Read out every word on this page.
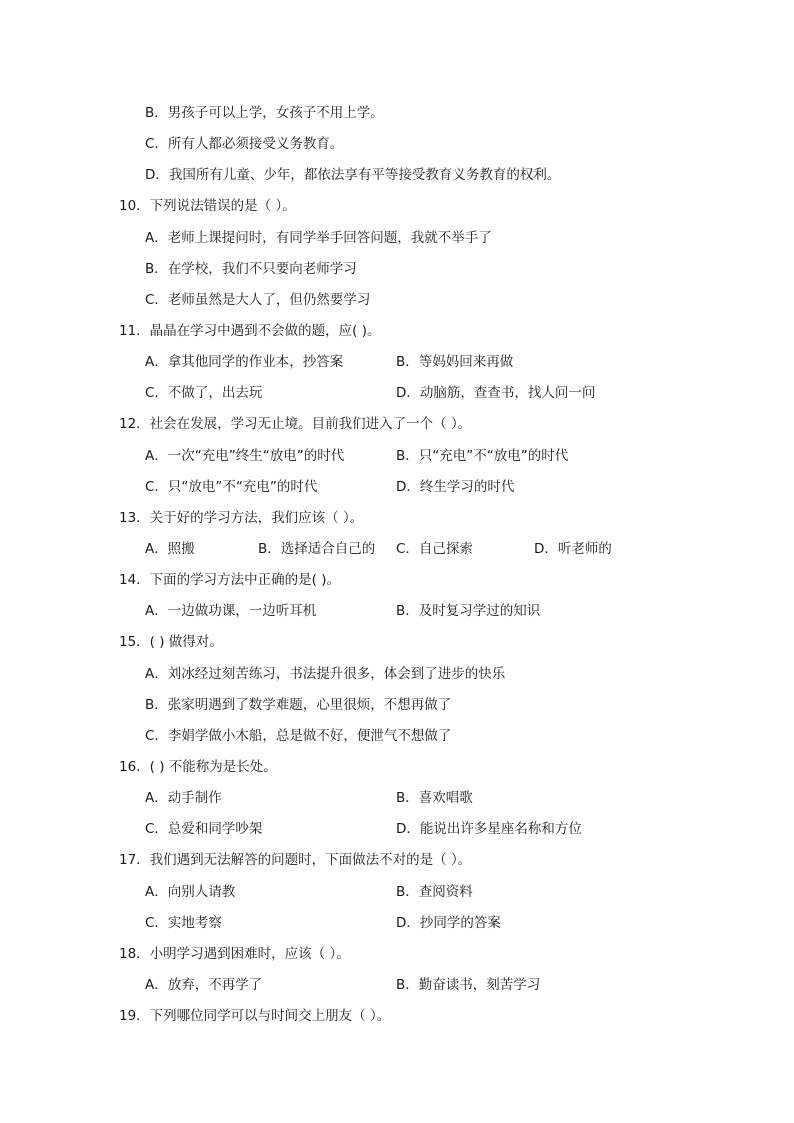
B．男孩子可以上学，女孩子不用上学。
C．所有人都必须接受义务教育。
D．我国所有儿童、少年，都依法享有平等接受教育义务教育的权利。
10．下列说法错误的是（ ）。
A．老师上课提问时，有同学举手回答问题，我就不举手了
B．在学校，我们不只要向老师学习
C．老师虽然是大人了，但仍然要学习
11．晶晶在学习中遇到不会做的题，应( )。
A．拿其他同学的作业本，抄答案	B．等妈妈回来再做
C．不做了，出去玩	D．动脑筋，查查书，找人问一问
12．社会在发展，学习无止境。目前我们进入了一个（ ）。
A．一次“充电”终生“放电”的时代	B．只“充电”不“放电”的时代
C．只“放电”不“充电”的时代	D．终生学习的时代
13．关于好的学习方法，我们应该（ ）。
A．照搬	B．选择适合自己的 C．自己探索	D．听老师的
14．下面的学习方法中正确的是( )。
A．一边做功课，一边听耳机	B．及时复习学过的知识
15．( ) 做得对。
A．刘冰经过刻苦练习，书法提升很多，体会到了进步的快乐
B．张家明遇到了数学难题，心里很烦，不想再做了
C．李娟学做小木船，总是做不好，便泄气不想做了
16．( ) 不能称为是长处。
A．动手制作	B．喜欢唱歌
C．总爱和同学吵架	D．能说出许多星座名称和方位
17．我们遇到无法解答的问题时，下面做法不对的是（ ）。
A．向别人请教	B．查阅资料
C．实地考察	D．抄同学的答案
18．小明学习遇到困难时，应该（ ）。
A．放弃，不再学了	B．勤奋读书，刻苦学习
19．下列哪位同学可以与时间交上朋友（ ）。
